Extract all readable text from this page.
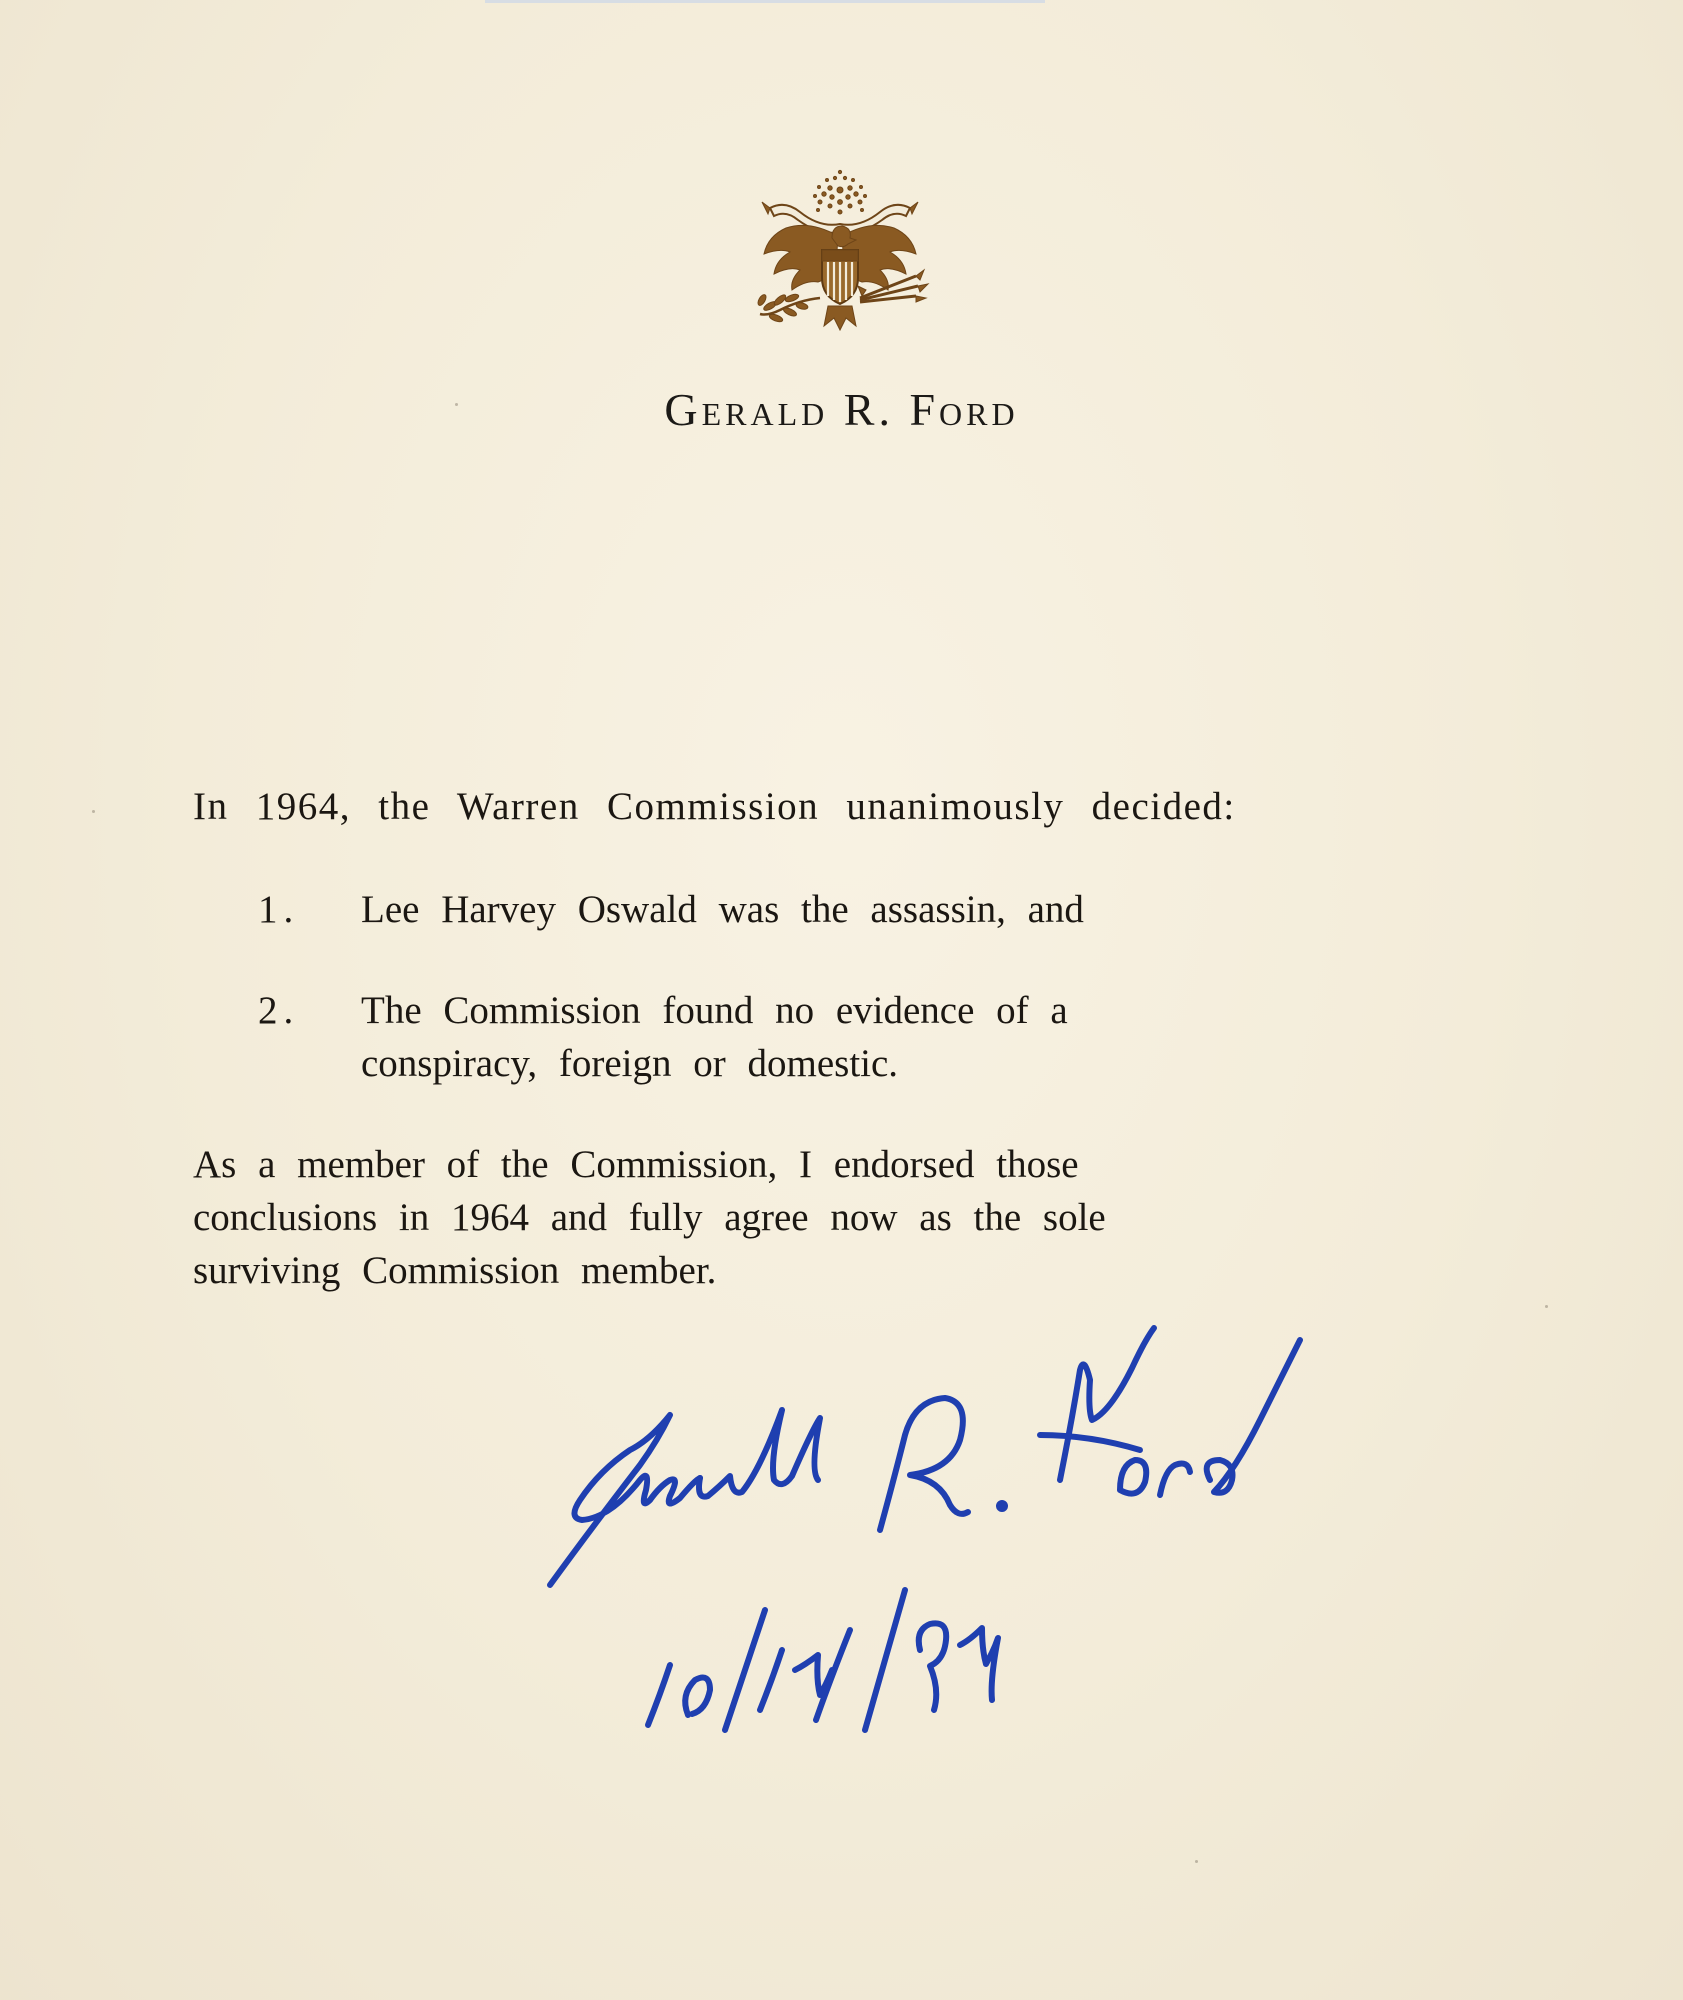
Gerald R. Ford

In 1964, the Warren Commission unanimously decided:

1.	Lee Harvey Oswald was the assassin, and
2.	The Commission found no evidence of a
conspiracy, foreign or domestic.

As a member of the Commission, I endorsed those
conclusions in 1964 and fully agree now as the sole
surviving Commission member.
